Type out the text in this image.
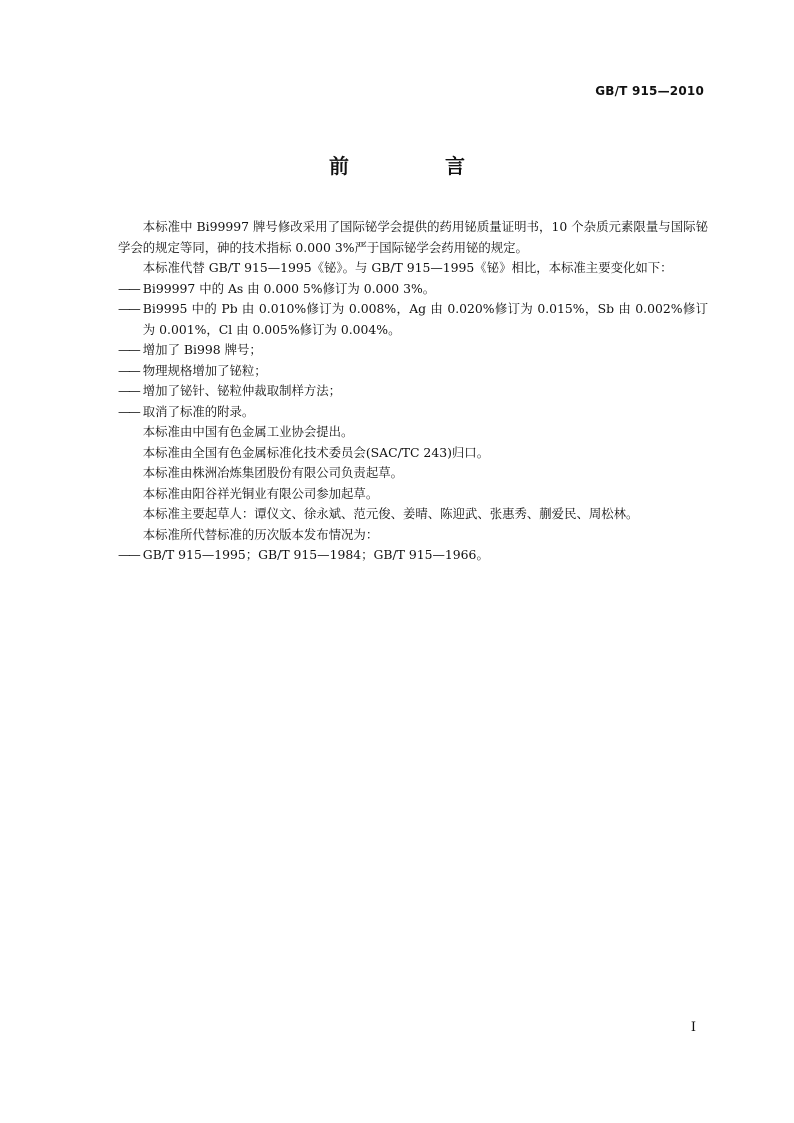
GB/T 915—2010
前　言

本标准中 Bi99997 牌号修改采用了国际铋学会提供的药用铋质量证明书，10 个杂质元素限量与国际铋学会的规定等同，砷的技术指标 0.000 3%严于国际铋学会药用铋的规定。

本标准代替 GB/T 915—1995《铋》。与 GB/T 915—1995《铋》相比，本标准主要变化如下：

—— Bi99997 中的 As 由 0.000 5%修订为 0.000 3%。

—— Bi9995 中的 Pb 由 0.010%修订为 0.008%，Ag 由 0.020%修订为 0.015%，Sb 由 0.002%修订为 0.001%，Cl 由 0.005%修订为 0.004%。

—— 增加了 Bi998 牌号；

—— 物理规格增加了铋粒；

—— 增加了铋针、铋粒仲裁取制样方法；

—— 取消了标准的附录。

本标准由中国有色金属工业协会提出。

本标准由全国有色金属标准化技术委员会(SAC/TC 243)归口。

本标准由株洲冶炼集团股份有限公司负责起草。

本标准由阳谷祥光铜业有限公司参加起草。

本标准主要起草人：谭仪文、徐永斌、范元俊、姜晴、陈迎武、张惠秀、蒯爱民、周松林。

本标准所代替标准的历次版本发布情况为：

—— GB/T 915—1995；GB/T 915—1984；GB/T 915—1966。

I
